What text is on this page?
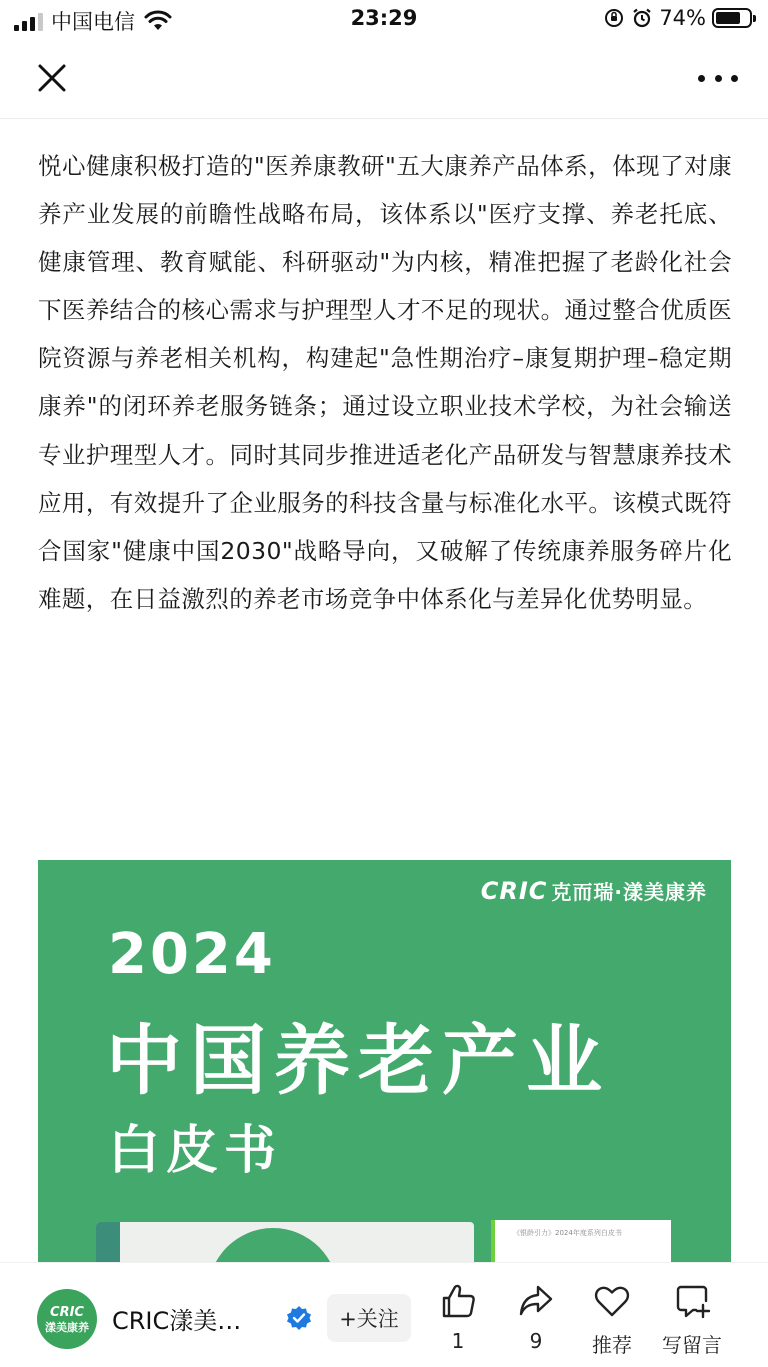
中国电信	23:29	74%

悦心健康积极打造的"医养康教研"五大康养产品体系，体现了对康养产业发展的前瞻性战略布局，该体系以"医疗支撑、养老托底、健康管理、教育赋能、科研驱动"为内核，精准把握了老龄化社会下医养结合的核心需求与护理型人才不足的现状。通过整合优质医院资源与养老相关机构，构建起"急性期治疗–康复期护理–稳定期康养"的闭环养老服务链条；通过设立职业技术学校，为社会输送专业护理型人才。同时其同步推进适老化产品研发与智慧康养技术应用，有效提升了企业服务的科技含量与标准化水平。该模式既符合国家"健康中国2030"战略导向，又破解了传统康养服务碎片化难题，在日益激烈的养老市场竞争中体系化与差异化优势明显。

CRIC 克而瑞·漾美康养
2024
中国养老产业
白皮书
《银龄引力》2024年度系列白皮书
CRIC
漾美康养 CRIC漾美…	+关注
1	9 推荐 写留言
